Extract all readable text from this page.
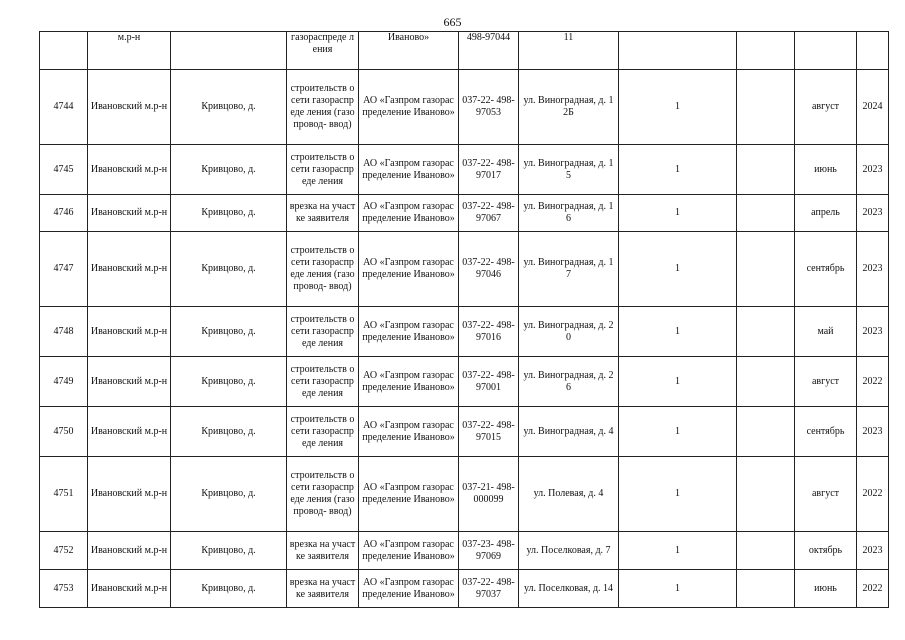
665
	м.р-н		газораспреде ления	Иваново»	498-97044	11				
4744	Ивановский м.р-н	Кривцово, д.	строительств о сети газораспреде ления (газопровод- ввод)	АО «Газпром газораспределение Иваново»	037-22- 498-97053	ул. Виноградная, д. 12Б	1		август	2024
4745	Ивановский м.р-н	Кривцово, д.	строительств о сети газораспреде ления	АО «Газпром газораспределение Иваново»	037-22- 498-97017	ул. Виноградная, д. 15	1		июнь	2023
4746	Ивановский м.р-н	Кривцово, д.	врезка на участке заявителя	АО «Газпром газораспределение Иваново»	037-22- 498-97067	ул. Виноградная, д. 16	1		апрель	2023
4747	Ивановский м.р-н	Кривцово, д.	строительств о сети газораспреде ления (газопровод- ввод)	АО «Газпром газораспределение Иваново»	037-22- 498-97046	ул. Виноградная, д. 17	1		сентябрь	2023
4748	Ивановский м.р-н	Кривцово, д.	строительств о сети газораспреде ления	АО «Газпром газораспределение Иваново»	037-22- 498-97016	ул. Виноградная, д. 20	1		май	2023
4749	Ивановский м.р-н	Кривцово, д.	строительств о сети газораспреде ления	АО «Газпром газораспределение Иваново»	037-22- 498-97001	ул. Виноградная, д. 26	1		август	2022
4750	Ивановский м.р-н	Кривцово, д.	строительств о сети газораспреде ления	АО «Газпром газораспределение Иваново»	037-22- 498-97015	ул. Виноградная, д. 4	1		сентябрь	2023
4751	Ивановский м.р-н	Кривцово, д.	строительств о сети газораспреде ления (газопровод- ввод)	АО «Газпром газораспределение Иваново»	037-21- 498- 000099	ул. Полевая, д. 4	1		август	2022
4752	Ивановский м.р-н	Кривцово, д.	врезка на участке заявителя	АО «Газпром газораспределение Иваново»	037-23- 498-97069	ул. Поселковая, д. 7	1		октябрь	2023
4753	Ивановский м.р-н	Кривцово, д.	врезка на участке заявителя	АО «Газпром газораспределение Иваново»	037-22- 498-97037	ул. Поселковая, д. 14	1		июнь	2022
